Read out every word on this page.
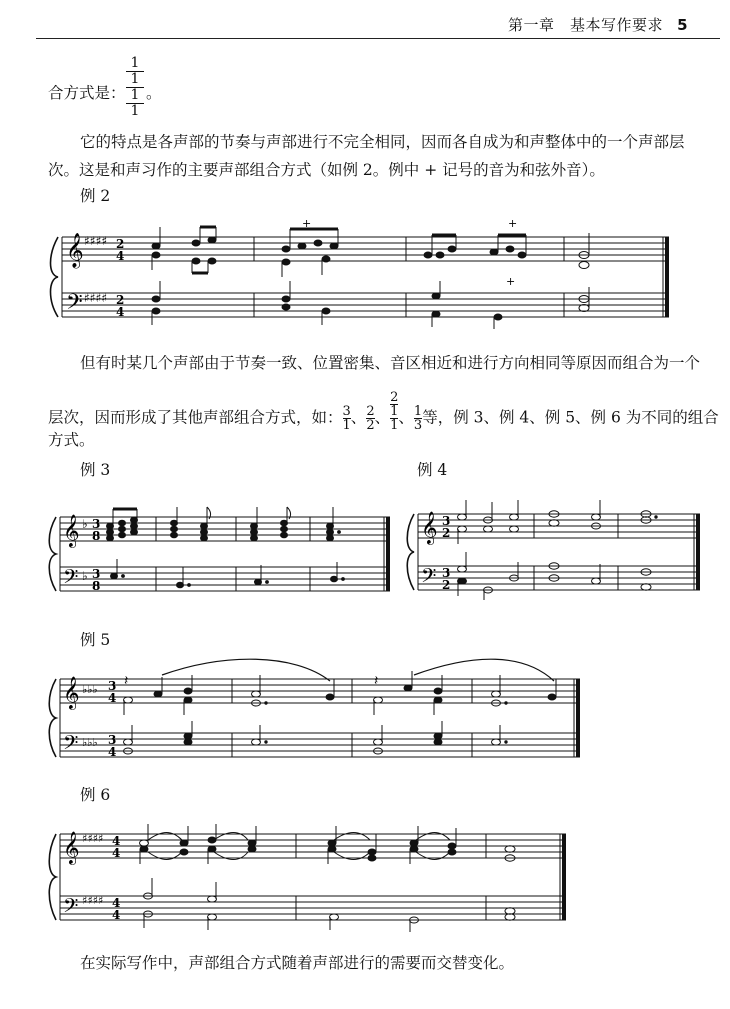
第一章　基本写作要求 5
合方式是：
1
1
1
1
。
它的特点是各声部的节奏与声部进行不完全相同，因而各自成为和声整体中的一个声部层
次。这是和声习作的主要声部组合方式（如例 2。例中 + 记号的音为和弦外音）。
例 2
𝄞
𝄢
♯♯♯♯
♯♯♯♯
2
4
2
4
+	+
+
但有时某几个声部由于节奏一致、位置密集、音区相近和进行方向相同等原因而组合为一个
层次，因而形成了其他声部组合方式，如： $\frac{3}{1}$ 、 $\frac{2}{2}$ 、
2
1
1 、 $\frac{1}{3}$ 等，例 3、例 4、例 5、例 6 为不同的组合
方式。
例 3	例 4
𝄞
𝄢
♭
♭
3
8
3
8
𝄞
𝄢
3
2
3
2
例 5
𝄞
𝄢
♭♭♭
♭♭♭
3
4
3
4
𝄽	𝄽
例 6
𝄞
𝄢
♯♯♯♯
♯♯♯♯
4
4
4
4
在实际写作中，声部组合方式随着声部进行的需要而交替变化。
